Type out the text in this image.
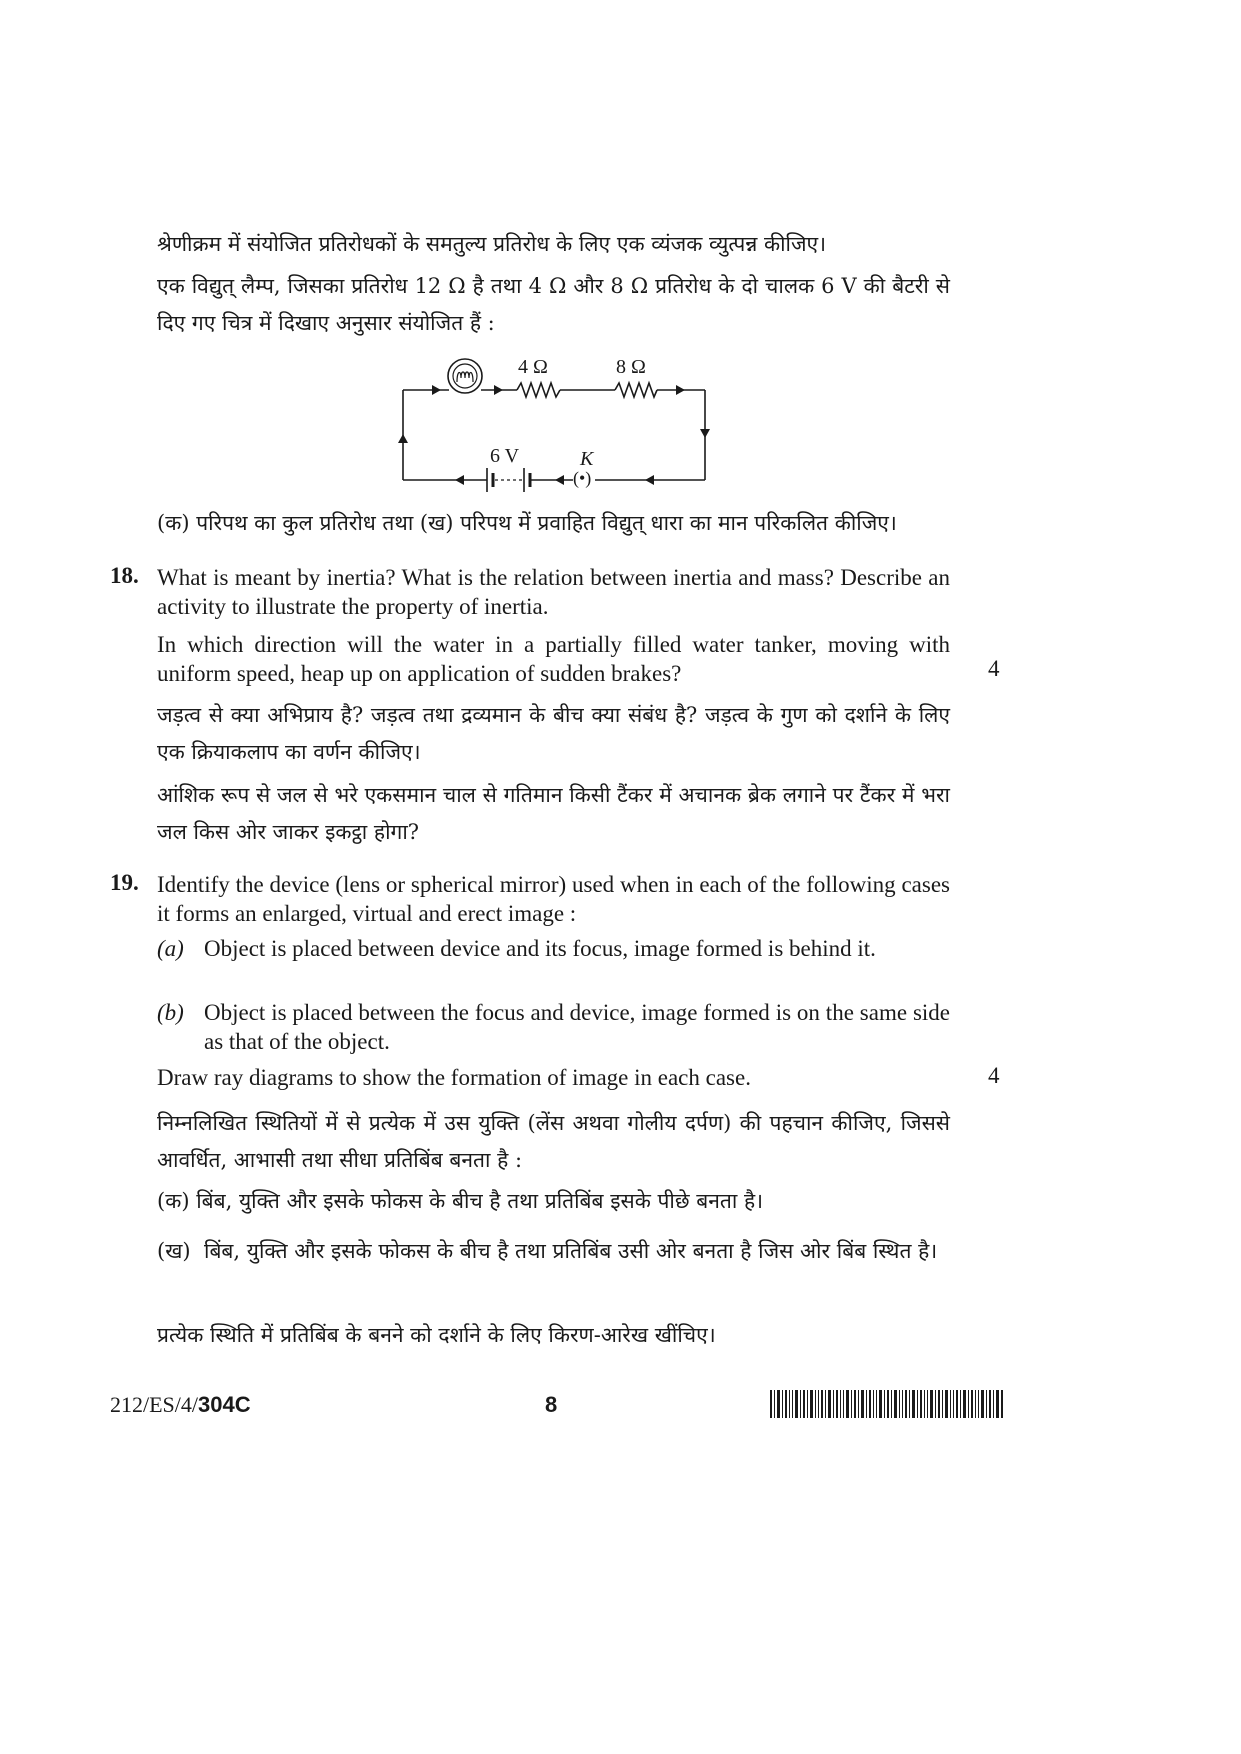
श्रेणीक्रम में संयोजित प्रतिरोधकों के समतुल्य प्रतिरोध के लिए एक व्यंजक व्युत्पन्न कीजिए।
एक विद्युत् लैम्प, जिसका प्रतिरोध 12 Ω है तथा 4 Ω और 8 Ω प्रतिरोध के दो चालक 6 V की बैटरी से दिए गए चित्र में दिखाए अनुसार संयोजित हैं :
4 Ω	8 Ω
6 V	K
(•)
(क) परिपथ का कुल प्रतिरोध तथा (ख) परिपथ में प्रवाहित विद्युत् धारा का मान परिकलित कीजिए।
18. What is meant by inertia? What is the relation between inertia and mass? Describe an activity to illustrate the property of inertia.
In which direction will the water in a partially filled water tanker, moving with uniform speed, heap up on application of sudden brakes?	4
जड़त्व से क्या अभिप्राय है? जड़त्व तथा द्रव्यमान के बीच क्या संबंध है? जड़त्व के गुण को दर्शाने के लिए एक क्रियाकलाप का वर्णन कीजिए।
आंशिक रूप से जल से भरे एकसमान चाल से गतिमान किसी टैंकर में अचानक ब्रेक लगाने पर टैंकर में भरा जल किस ओर जाकर इकट्ठा होगा?
19. Identify the device (lens or spherical mirror) used when in each of the following cases it forms an enlarged, virtual and erect image :
(a) Object is placed between device and its focus, image formed is behind it.
(b) Object is placed between the focus and device, image formed is on the same side as that of the object.
Draw ray diagrams to show the formation of image in each case.	4
निम्नलिखित स्थितियों में से प्रत्येक में उस युक्ति (लेंस अथवा गोलीय दर्पण) की पहचान कीजिए, जिससे आवर्धित, आभासी तथा सीधा प्रतिबिंब बनता है :
(क) बिंब, युक्ति और इसके फोकस के बीच है तथा प्रतिबिंब इसके पीछे बनता है।
(ख) बिंब, युक्ति और इसके फोकस के बीच है तथा प्रतिबिंब उसी ओर बनता है जिस ओर बिंब स्थित है।
प्रत्येक स्थिति में प्रतिबिंब के बनने को दर्शाने के लिए किरण-आरेख खींचिए।
212/ES/4/304C	8
